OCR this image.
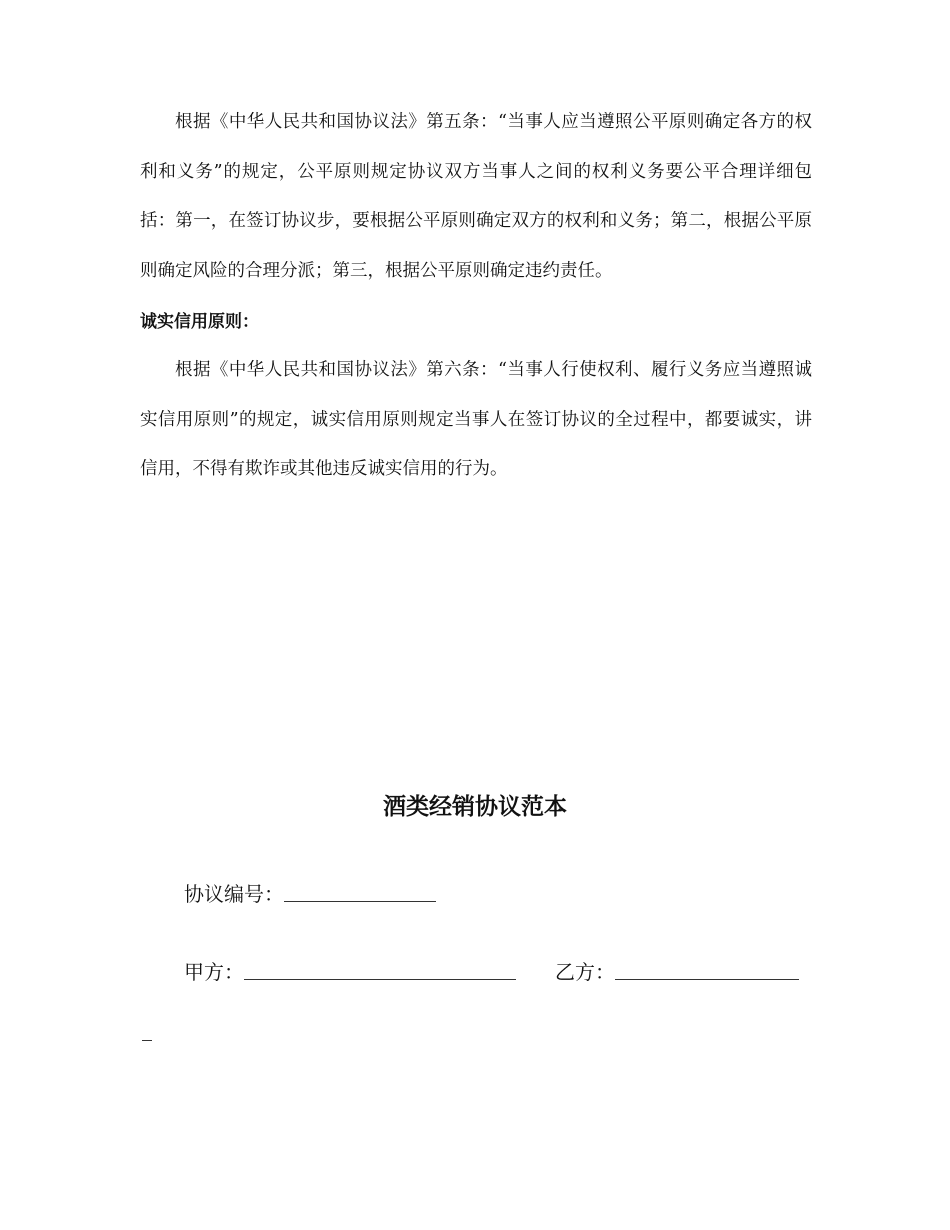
根据《中华人民共和国协议法》第五条：“当事人应当遵照公平原则确定各方的权利和义务”的规定，公平原则规定协议双方当事人之间的权利义务要公平合理详细包括：第一，在签订协议步，要根据公平原则确定双方的权利和义务；第二，根据公平原则确定风险的合理分派；第三，根据公平原则确定违约责任。

诚实信用原则：

根据《中华人民共和国协议法》第六条：“当事人行使权利、履行义务应当遵照诚实信用原则”的规定，诚实信用原则规定当事人在签订协议的全过程中，都要诚实，讲信用，不得有欺诈或其他违反诚实信用的行为。

酒类经销协议范本
协议编号：
甲方：	乙方：
